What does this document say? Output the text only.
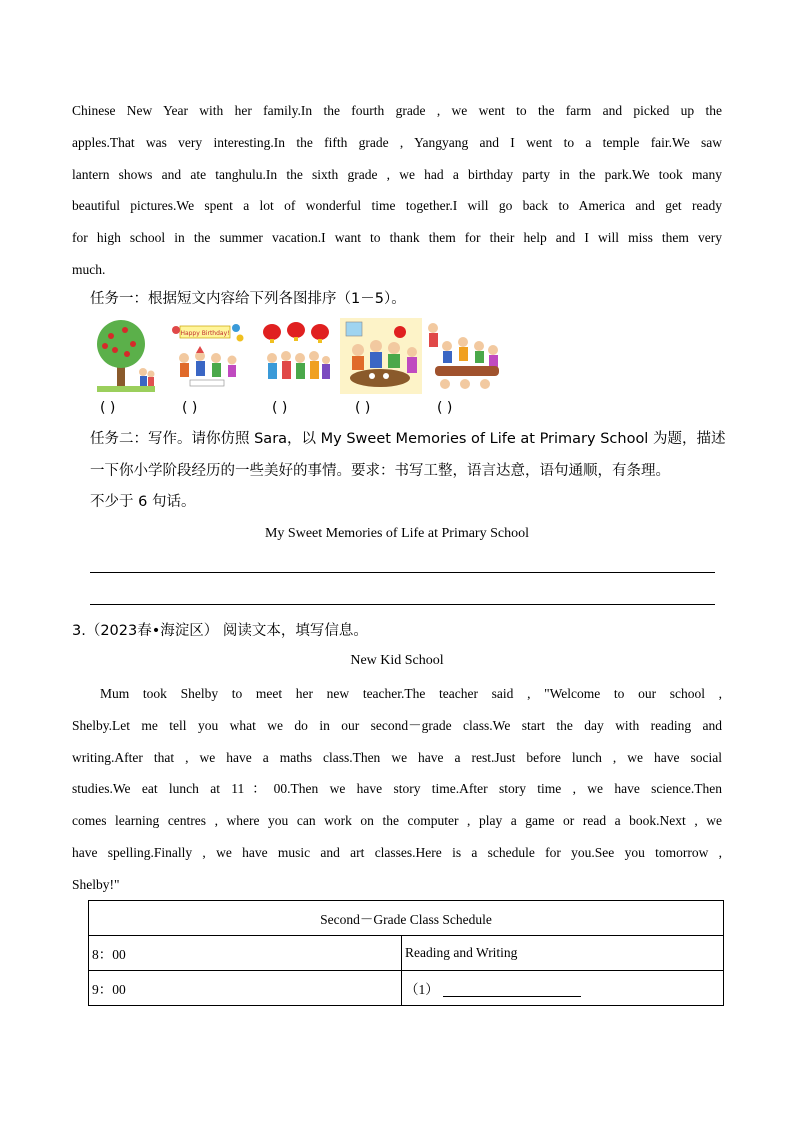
Chinese New Year with her family.In the fourth grade , we went to the farm and picked up the
apples.That was very interesting.In the fifth grade , Yangyang and I went to a temple fair.We saw
lantern shows and ate tanghulu.In the sixth grade , we had a birthday party in the park.We took many
beautiful pictures.We spent a lot of wonderful time together.I will go back to America and get ready
for high school in the summer vacation.I want to thank them for their help and I will miss them very
much.
任务一：根据短文内容给下列各图排序（1－5）。
Happy Birthday!
( )	( )	( )	( )	( )
任务二：写作。请你仿照 Sara，以 My Sweet Memories of Life at Primary School 为题，描述
一下你小学阶段经历的一些美好的事情。要求：书写工整，语言达意，语句通顺，有条理。
不少于 6 句话。
My Sweet Memories of Life at Primary School
3.（2023春•海淀区） 阅读文本，填写信息。
New Kid School
Mum took Shelby to meet her new teacher.The teacher said , "Welcome to our school ,
Shelby.Let me tell you what we do in our second－grade class.We start the day with reading and
writing.After that , we have a maths class.Then we have a rest.Just before lunch , we have social
studies.We eat lunch at 11：00.Then we have story time.After story time , we have science.Then
comes learning centres , where you can work on the computer , play a game or read a book.Next , we
have spelling.Finally , we have music and art classes.Here is a schedule for you.See you tomorrow ,
Shelby!"
Second－Grade Class Schedule	
8：00	Reading and Writing
9：00	（1）
